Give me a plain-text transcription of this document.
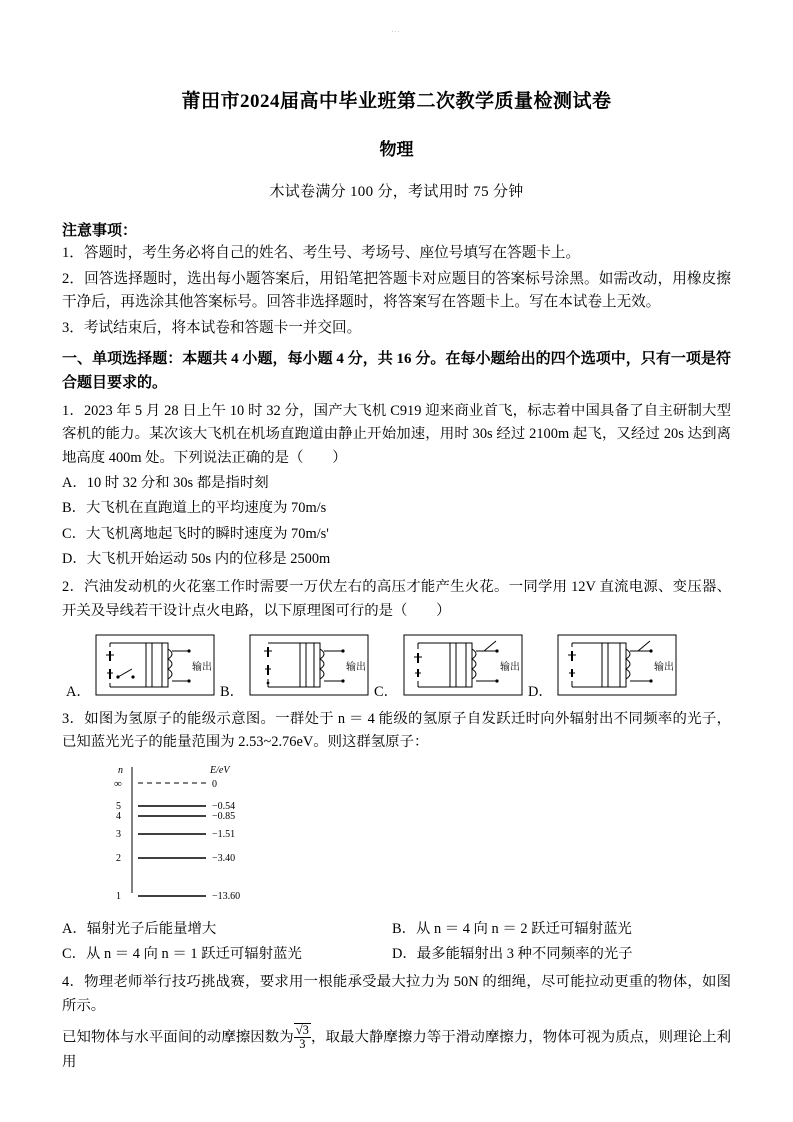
…
莆田市2024届高中毕业班第二次教学质量检测试卷
物理
木试卷满分 100 分，考试用时 75 分钟
注意事项：
1．答题时，考生务必将自己的姓名、考生号、考场号、座位号填写在答题卡上。
2．回答选择题时，选出每小题答案后，用铅笔把答题卡对应题目的答案标号涂黑。如需改动，用橡皮擦干净后，再选涂其他答案标号。回答非选择题时，将答案写在答题卡上。写在本试卷上无效。
3．考试结束后，将本试卷和答题卡一并交回。
一、单项选择题：本题共 4 小题，每小题 4 分，共 16 分。在每小题给出的四个选项中，只有一项是符合题目要求的。
1．2023 年 5 月 28 日上午 10 时 32 分，国产大飞机 C919 迎来商业首飞，标志着中国具备了自主研制大型客机的能力。某次该大飞机在机场直跑道由静止开始加速，用时 30s 经过 2100m 起飞，又经过 20s 达到离地高度 400m 处。下列说法正确的是（　　）
A．10 时 32 分和 30s 都是指时刻
B．大飞机在直跑道上的平均速度为 70m/s
C．大飞机离地起飞时的瞬时速度为 70m/s'
D．大飞机开始运动 50s 内的位移是 2500m
2．汽油发动机的火花塞工作时需要一万伏左右的高压才能产生火花。一同学用 12V 直流电源、变压器、开关及导线若干设计点火电路，以下原理图可行的是（　　）
A．
输出
B．
输出
C．
输出
D．
输出
3．如图为氢原子的能级示意图。一群处于 n ＝ 4 能级的氢原子自发跃迁时向外辐射出不同频率的光子，已知蓝光光子的能量范围为 2.53~2.76eV。则这群氢原子：
n	E/eV
∞	0
5	−0.54
4	−0.85
3	−1.51
2	−3.40
1	−13.60
A．辐射光子后能量增大	B．从 n ＝ 4 向 n ＝ 2 跃迁可辐射蓝光
C．从 n ＝ 4 向 n ＝ 1 跃迁可辐射蓝光	D．最多能辐射出 3 种不同频率的光子
4．物理老师举行技巧挑战赛，要求用一根能承受最大拉力为 50N 的细绳，尽可能拉动更重的物体，如图所示。
已知物体与水平面间的动摩擦因数为 $\frac{√3}{3}$ ，取最大静摩擦力等于滑动摩擦力，物体可视为质点，则理论上利用
